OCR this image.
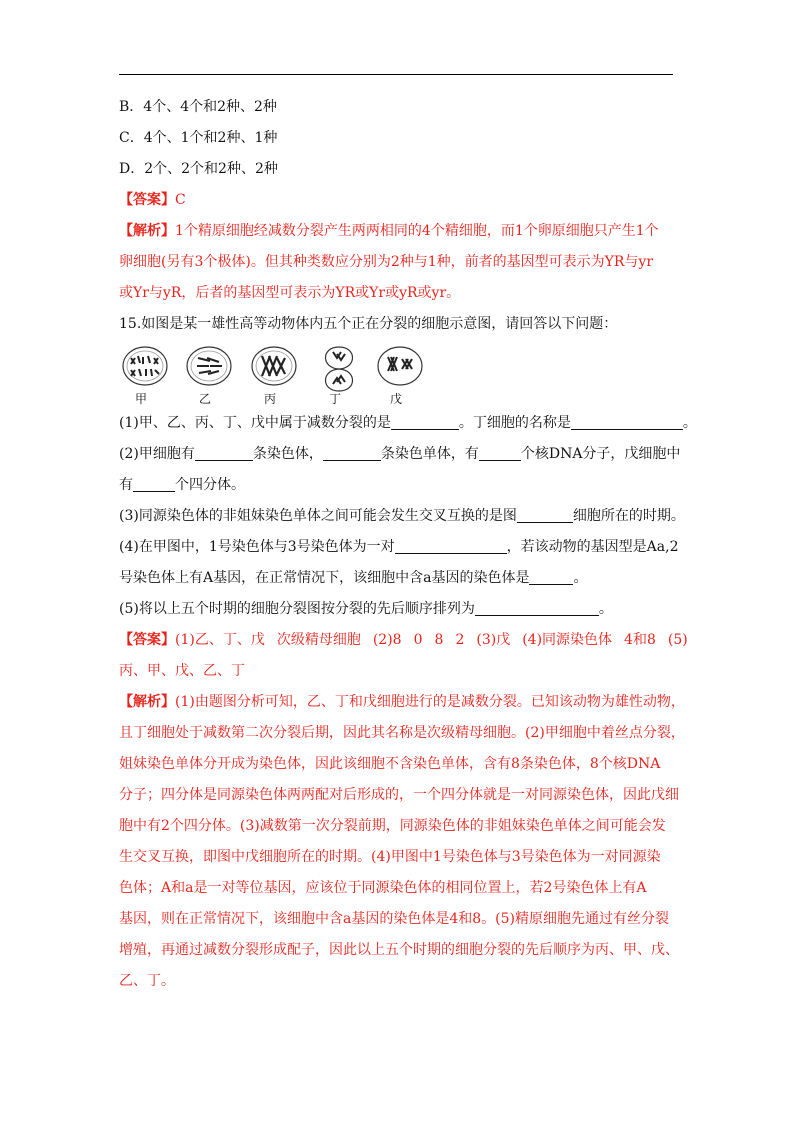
B．4个、4个和2种、2种
C．4个、1个和2种、1种
D．2个、2个和2种、2种
【答案】C
【解析】1个精原细胞经减数分裂产生两两相同的4个精细胞，而1个卵原细胞只产生1个
卵细胞(另有3个极体)。但其种类数应分别为2种与1种，前者的基因型可表示为YR与yr
或Yr与yR，后者的基因型可表示为YR或Yr或yR或yr。
15.如图是某一雄性高等动物体内五个正在分裂的细胞示意图，请回答以下问题：
甲	乙	丙	丁	戊
(1)甲、乙、丙、丁、戊中属于减数分裂的是	。丁细胞的名称是	。
(2)甲细胞有	条染色体，	条染色单体，有	个核DNA分子，戊细胞中
有	个四分体。
(3)同源染色体的非姐妹染色单体之间可能会发生交叉互换的是图	细胞所在的时期。
(4)在甲图中，1号染色体与3号染色体为一对	，若该动物的基因型是Aa,2
号染色体上有A基因，在正常情况下，该细胞中含a基因的染色体是	。
(5)将以上五个时期的细胞分裂图按分裂的先后顺序排列为	。
【答案】(1)乙、丁、戊 次级精母细胞 (2)8 0 8 2 (3)戊 (4)同源染色体 4和8 (5)
丙、甲、戊、乙、丁
【解析】(1)由题图分析可知，乙、丁和戊细胞进行的是减数分裂。已知该动物为雄性动物，
且丁细胞处于减数第二次分裂后期，因此其名称是次级精母细胞。(2)甲细胞中着丝点分裂，
姐妹染色单体分开成为染色体，因此该细胞不含染色单体，含有8条染色体，8个核DNA
分子；四分体是同源染色体两两配对后形成的，一个四分体就是一对同源染色体，因此戊细
胞中有2个四分体。(3)减数第一次分裂前期，同源染色体的非姐妹染色单体之间可能会发
生交叉互换，即图中戊细胞所在的时期。(4)甲图中1号染色体与3号染色体为一对同源染
色体；A和a是一对等位基因，应该位于同源染色体的相同位置上，若2号染色体上有A
基因，则在正常情况下，该细胞中含a基因的染色体是4和8。(5)精原细胞先通过有丝分裂
增殖，再通过减数分裂形成配子，因此以上五个时期的细胞分裂的先后顺序为丙、甲、戊、
乙、丁。
